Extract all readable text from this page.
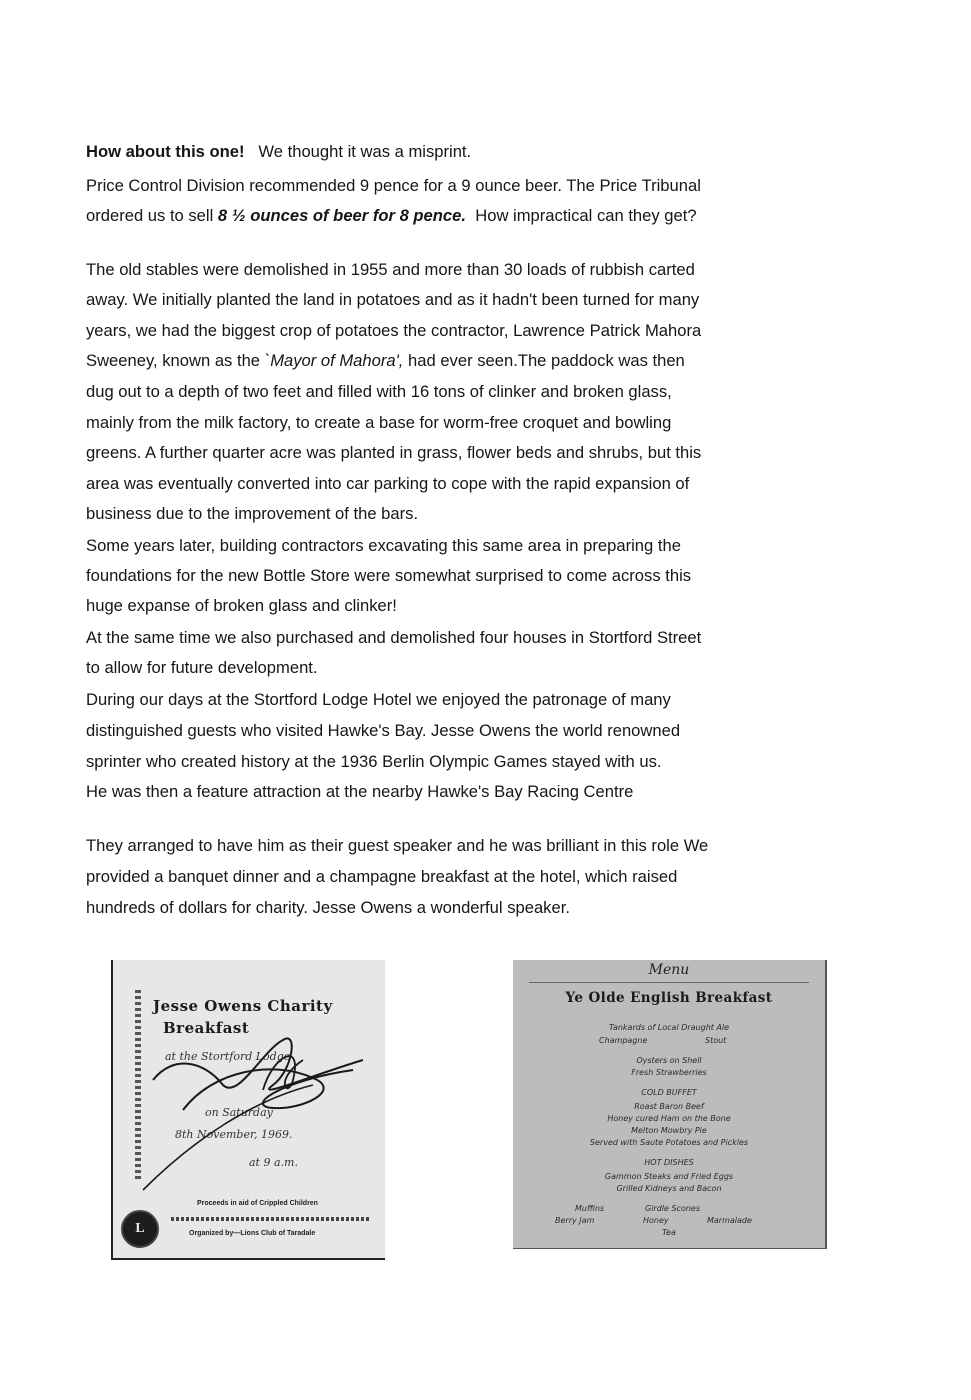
How about this one! We thought it was a misprint.
Price Control Division recommended 9 pence for a 9 ounce beer. The Price Tribunal
ordered us to sell 8 ½ ounces of beer for 8 pence. How impractical can they get?
The old stables were demolished in 1955 and more than 30 loads of rubbish carted
away. We initially planted the land in potatoes and as it hadn't been turned for many
years, we had the biggest crop of potatoes the contractor, Lawrence Patrick Mahora
Sweeney, known as the `Mayor of Mahora', had ever seen.The paddock was then
dug out to a depth of two feet and filled with 16 tons of clinker and broken glass,
mainly from the milk factory, to create a base for worm-free croquet and bowling
greens. A further quarter acre was planted in grass, flower beds and shrubs, but this
area was eventually converted into car parking to cope with the rapid expansion of
business due to the improvement of the bars.
Some years later, building contractors excavating this same area in preparing the
foundations for the new Bottle Store were somewhat surprised to come across this
huge expanse of broken glass and clinker!
At the same time we also purchased and demolished four houses in Stortford Street
to allow for future development.
During our days at the Stortford Lodge Hotel we enjoyed the patronage of many
distinguished guests who visited Hawke's Bay. Jesse Owens the world renowned
sprinter who created history at the 1936 Berlin Olympic Games stayed with us.
He was then a feature attraction at the nearby Hawke's Bay Racing Centre
They arranged to have him as their guest speaker and he was brilliant in this role We
provided a banquet dinner and a champagne breakfast at the hotel, which raised
hundreds of dollars for charity. Jesse Owens a wonderful speaker.
Jesse Owens Charity
Breakfast
at the Stortford Lodge
on Saturday
8th November, 1969.
at 9 a.m.
Proceeds in aid of Crippled Children
L	Organized by—Lions Club of Taradale
Menu
Ye Olde English Breakfast
Tankards of Local Draught Ale
Champagne	Stout
Oysters on Shell
Fresh Strawberries
COLD BUFFET
Roast Baron Beef
Honey cured Ham on the Bone
Melton Mowbry Pie
Served with Saute Potatoes and Pickles
HOT DISHES
Gammon Steaks and Fried Eggs
Grilled Kidneys and Bacon
Muffins	Girdle Scones
Berry Jam	Honey	Marmalade
Tea
